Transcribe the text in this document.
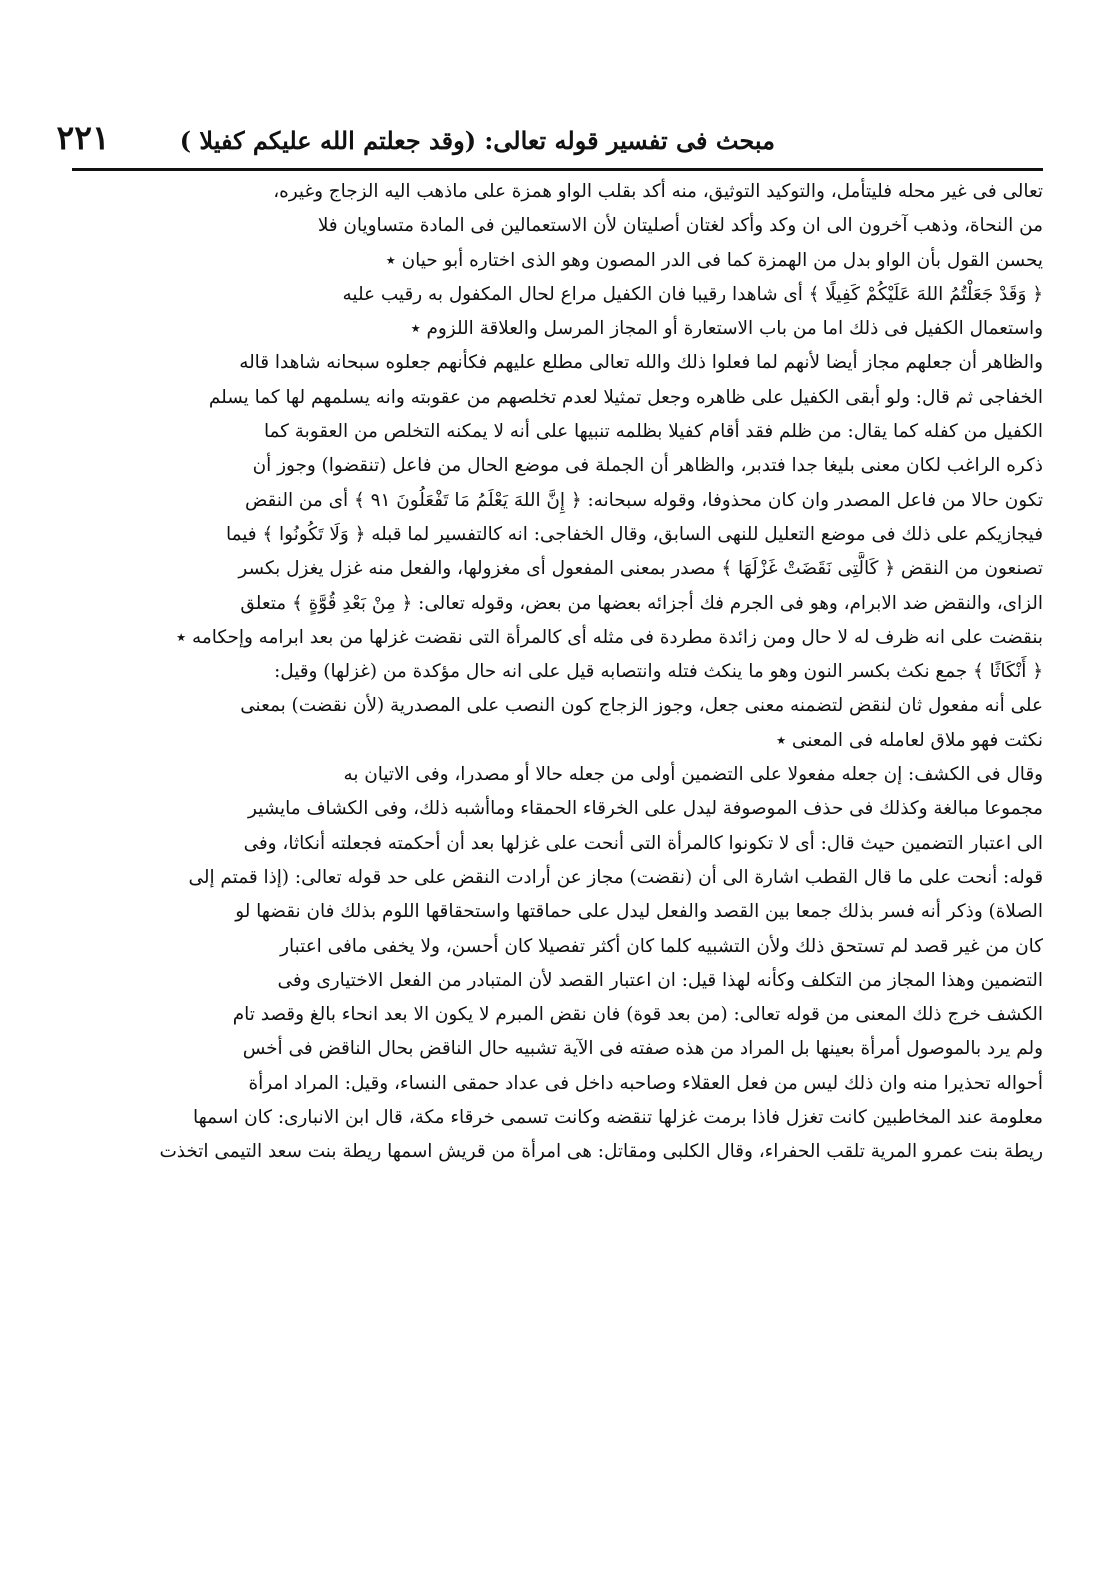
مبحث فى تفسير قوله تعالى: (وقد جعلتم الله عليكم كفيلا )
٢٢١
تعالى فى غير محله فليتأمل، والتوكيد التوثيق، منه أكد بقلب الواو همزة على ماذهب اليه الزجاج وغيره،
من النحاة، وذهب آخرون الى ان وكد وأكد لغتان أصليتان لأن الاستعمالين فى المادة متساويان فلا
يحسن القول بأن الواو بدل من الهمزة كما فى الدر المصون وهو الذى اختاره أبو حيان ٭
﴿ وَقَدْ جَعَلْتُمُ اللهَ عَلَيْكُمْ كَفِيلًا ﴾ أى شاهدا رقيبا فان الكفيل مراع لحال المكفول به رقيب عليه
واستعمال الكفيل فى ذلك اما من باب الاستعارة أو المجاز المرسل والعلاقة اللزوم ٭
والظاهر أن جعلهم مجاز أيضا لأنهم لما فعلوا ذلك والله تعالى مطلع عليهم فكأنهم جعلوه سبحانه شاهدا قاله
الخفاجى ثم قال: ولو أبقى الكفيل على ظاهره وجعل تمثيلا لعدم تخلصهم من عقوبته وانه يسلمهم لها كما يسلم
الكفيل من كفله كما يقال: من ظلم فقد أقام كفيلا بظلمه تنبيها على أنه لا يمكنه التخلص من العقوبة كما
ذكره الراغب لكان معنى بليغا جدا فتدبر، والظاهر أن الجملة فى موضع الحال من فاعل (تنقضوا) وجوز أن
تكون حالا من فاعل المصدر وان كان محذوفا، وقوله سبحانه: ﴿ إِنَّ اللهَ يَعْلَمُ مَا تَفْعَلُونَ ٩١ ﴾ أى من النقض
فيجازيكم على ذلك فى موضع التعليل للنهى السابق، وقال الخفاجى: انه كالتفسير لما قبله ﴿ وَلَا تَكُونُوا ﴾ فيما
تصنعون من النقض ﴿ كَالَّتِى نَقَضَتْ غَزْلَهَا ﴾ مصدر بمعنى المفعول أى مغزولها، والفعل منه غزل يغزل بكسر
الزاى، والنقض ضد الابرام، وهو فى الجرم فك أجزائه بعضها من بعض، وقوله تعالى: ﴿ مِنْ بَعْدِ قُوَّةٍ ﴾ متعلق
بنقضت على انه ظرف له لا حال ومن زائدة مطردة فى مثله أى كالمرأة التى نقضت غزلها من بعد ابرامه وإحكامه ٭
﴿ أَنْكَاثًا ﴾ جمع نكث بكسر النون وهو ما ينكث فتله وانتصابه قيل على انه حال مؤكدة من (غزلها) وقيل:
على أنه مفعول ثان لنقض لتضمنه معنى جعل، وجوز الزجاج كون النصب على المصدرية (لأن نقضت) بمعنى
نكثت فهو ملاق لعامله فى المعنى ٭
وقال فى الكشف: إن جعله مفعولا على التضمين أولى من جعله حالا أو مصدرا، وفى الاتيان به
مجموعا مبالغة وكذلك فى حذف الموصوفة ليدل على الخرقاء الحمقاء وماأشبه ذلك، وفى الكشاف مايشير
الى اعتبار التضمين حيث قال: أى لا تكونوا كالمرأة التى أنحت على غزلها بعد أن أحكمته فجعلته أنكاثا، وفى
قوله: أنحت على ما قال القطب اشارة الى أن (نقضت) مجاز عن أرادت النقض على حد قوله تعالى: (إذا قمتم إلى
الصلاة) وذكر أنه فسر بذلك جمعا بين القصد والفعل ليدل على حماقتها واستحقاقها اللوم بذلك فان نقضها لو
كان من غير قصد لم تستحق ذلك ولأن التشبيه كلما كان أكثر تفصيلا كان أحسن، ولا يخفى مافى اعتبار
التضمين وهذا المجاز من التكلف وكأنه لهذا قيل: ان اعتبار القصد لأن المتبادر من الفعل الاختيارى وفى
الكشف خرج ذلك المعنى من قوله تعالى: (من بعد قوة) فان نقض المبرم لا يكون الا بعد انحاء بالغ وقصد تام
ولم يرد بالموصول أمرأة بعينها بل المراد من هذه صفته فى الآية تشبيه حال الناقض بحال الناقض فى أخس
أحواله تحذيرا منه وان ذلك ليس من فعل العقلاء وصاحبه داخل فى عداد حمقى النساء، وقيل: المراد امرأة
معلومة عند المخاطبين كانت تغزل فاذا برمت غزلها تنقضه وكانت تسمى خرقاء مكة، قال ابن الانبارى: كان اسمها
ريطة بنت عمرو المرية تلقب الحفراء، وقال الكلبى ومقاتل: هى امرأة من قريش اسمها ريطة بنت سعد التيمى اتخذت
